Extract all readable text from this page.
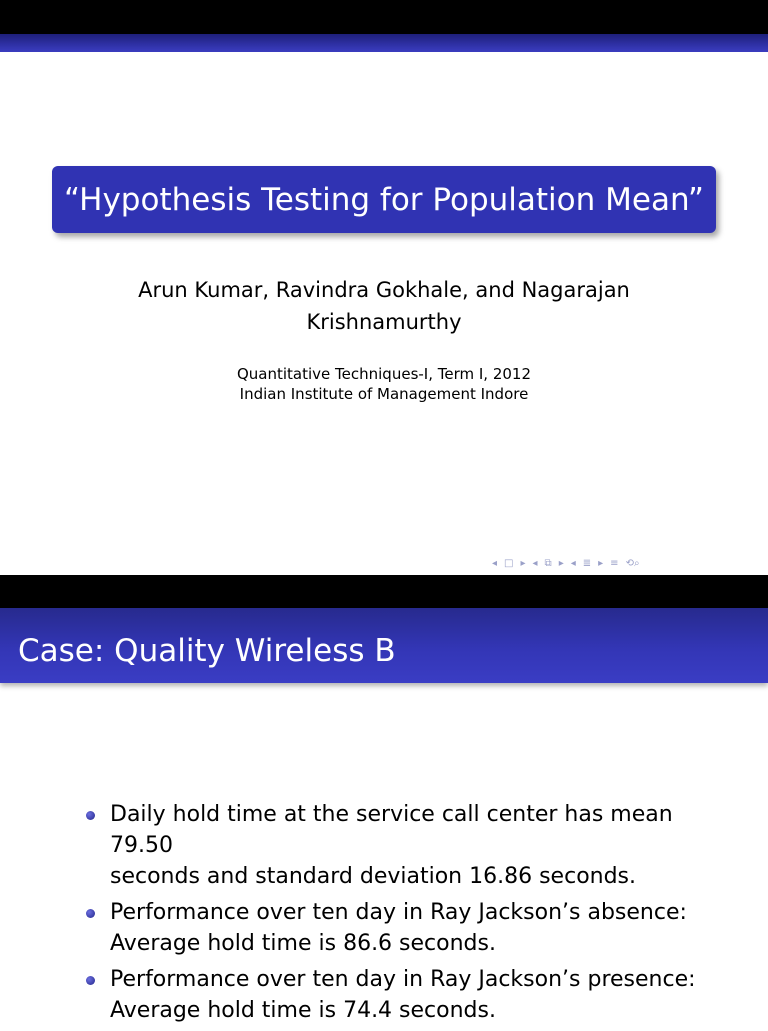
“Hypothesis Testing for Population Mean”
Arun Kumar, Ravindra Gokhale, and Nagarajan
Krishnamurthy
Quantitative Techniques-I, Term I, 2012
Indian Institute of Management Indore
◂ □ ▸ ◂ ⧉ ▸ ◂ ≣ ▸ ≡ ⟲⌕
Case: Quality Wireless B
Daily hold time at the service call center has mean 79.50
seconds and standard deviation 16.86 seconds.
Performance over ten day in Ray Jackson’s absence:
Average hold time is 86.6 seconds.
Performance over ten day in Ray Jackson’s presence:
Average hold time is 74.4 seconds.
